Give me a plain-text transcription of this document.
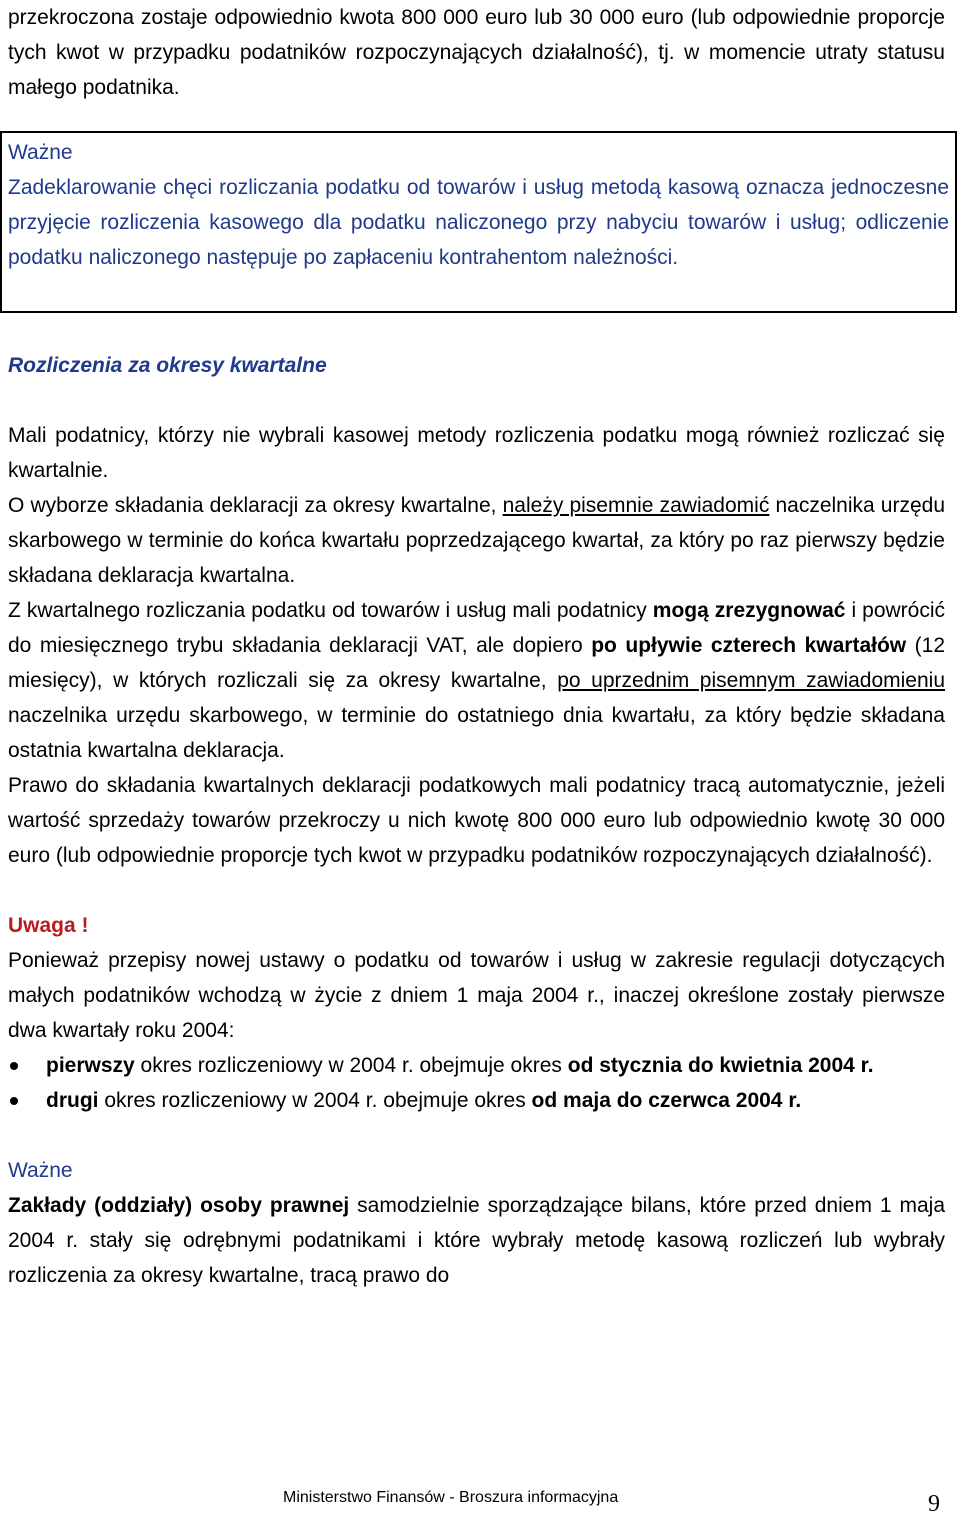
przekroczona zostaje odpowiednio kwota 800 000 euro lub 30 000 euro (lub odpowiednie proporcje tych kwot w przypadku podatników rozpoczynających działalność), tj. w momencie utraty statusu małego podatnika.

Ważne

Zadeklarowanie chęci rozliczania podatku od towarów i usług metodą kasową oznacza jednoczesne przyjęcie rozliczenia kasowego dla podatku naliczonego przy nabyciu towarów i usług; odliczenie podatku naliczonego następuje po zapłaceniu kontrahentom należności.

Rozliczenia za okresy kwartalne

Mali podatnicy, którzy nie wybrali kasowej metody rozliczenia podatku mogą również rozliczać się kwartalnie.

O wyborze składania deklaracji za okresy kwartalne, należy pisemnie zawiadomić naczelnika urzędu skarbowego w terminie do końca kwartału poprzedzającego kwartał, za który po raz pierwszy będzie składana deklaracja kwartalna.

Z kwartalnego rozliczania podatku od towarów i usług mali podatnicy mogą zrezygnować i powrócić do miesięcznego trybu składania deklaracji VAT, ale dopiero po upływie czterech kwartałów (12 miesięcy), w których rozliczali się za okresy kwartalne, po uprzednim pisemnym zawiadomieniu naczelnika urzędu skarbowego, w terminie do ostatniego dnia kwartału, za który będzie składana ostatnia kwartalna deklaracja.

Prawo do składania kwartalnych deklaracji podatkowych mali podatnicy tracą automatycznie, jeżeli wartość sprzedaży towarów przekroczy u nich kwotę 800 000 euro lub odpowiednio kwotę 30 000 euro (lub odpowiednie proporcje tych kwot w przypadku podatników rozpoczynających działalność).

Uwaga !

Ponieważ przepisy nowej ustawy o podatku od towarów i usług w zakresie regulacji dotyczących małych podatników wchodzą w życie z dniem 1 maja 2004 r., inaczej określone zostały pierwsze dwa kwartały roku 2004:

pierwszy okres rozliczeniowy w 2004 r. obejmuje okres od stycznia do kwietnia 2004 r.
drugi okres rozliczeniowy w 2004 r. obejmuje okres od maja do czerwca 2004 r.

Ważne

Zakłady (oddziały) osoby prawnej samodzielnie sporządzające bilans, które przed dniem 1 maja 2004 r. stały się odrębnymi podatnikami i które wybrały metodę kasową rozliczeń lub wybrały rozliczenia za okresy kwartalne, tracą prawo do

Ministerstwo Finansów - Broszura informacyjna	9
